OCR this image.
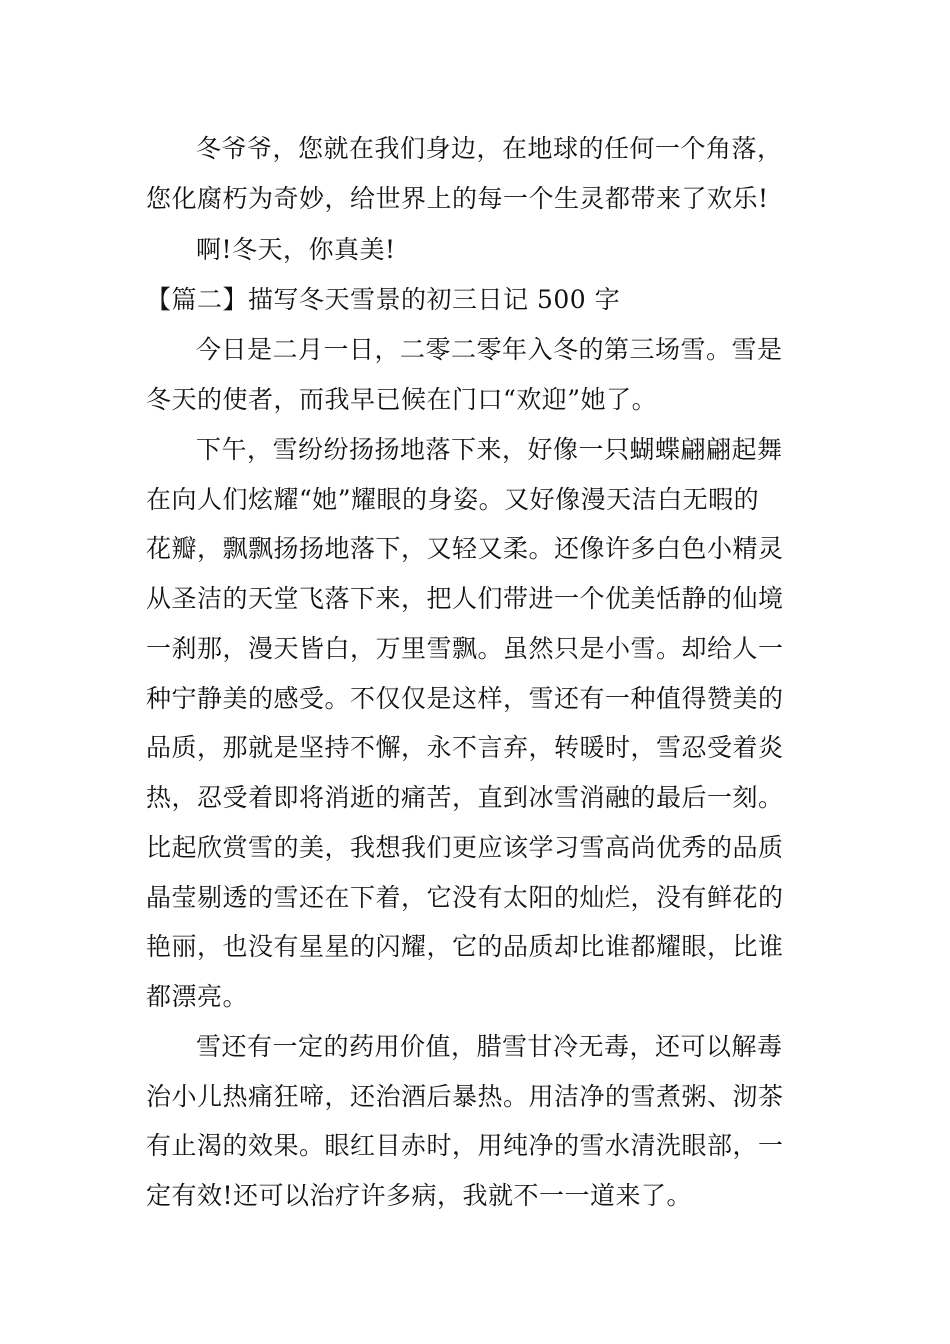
冬爷爷，您就在我们身边，在地球的任何一个角落，
您化腐朽为奇妙，给世界上的每一个生灵都带来了欢乐!
啊!冬天，你真美!
【篇二】描写冬天雪景的初三日记 500 字
今日是二月一日，二零二零年入冬的第三场雪。雪是
冬天的使者，而我早已候在门口“欢迎”她了。
下午，雪纷纷扬扬地落下来，好像一只蝴蝶翩翩起舞
在向人们炫耀“她”耀眼的身姿。又好像漫天洁白无暇的
花瓣，飘飘扬扬地落下，又轻又柔。还像许多白色小精灵
从圣洁的天堂飞落下来，把人们带进一个优美恬静的仙境
一刹那，漫天皆白，万里雪飘。虽然只是小雪。却给人一
种宁静美的感受。不仅仅是这样，雪还有一种值得赞美的
品质，那就是坚持不懈，永不言弃，转暖时，雪忍受着炎
热，忍受着即将消逝的痛苦，直到冰雪消融的最后一刻。
比起欣赏雪的美，我想我们更应该学习雪高尚优秀的品质
晶莹剔透的雪还在下着，它没有太阳的灿烂，没有鲜花的
艳丽，也没有星星的闪耀，它的品质却比谁都耀眼，比谁
都漂亮。
雪还有一定的药用价值，腊雪甘冷无毒，还可以解毒
治小儿热痛狂啼，还治酒后暴热。用洁净的雪煮粥、沏茶
有止渴的效果。眼红目赤时，用纯净的雪水清洗眼部，一
定有效!还可以治疗许多病，我就不一一道来了。
